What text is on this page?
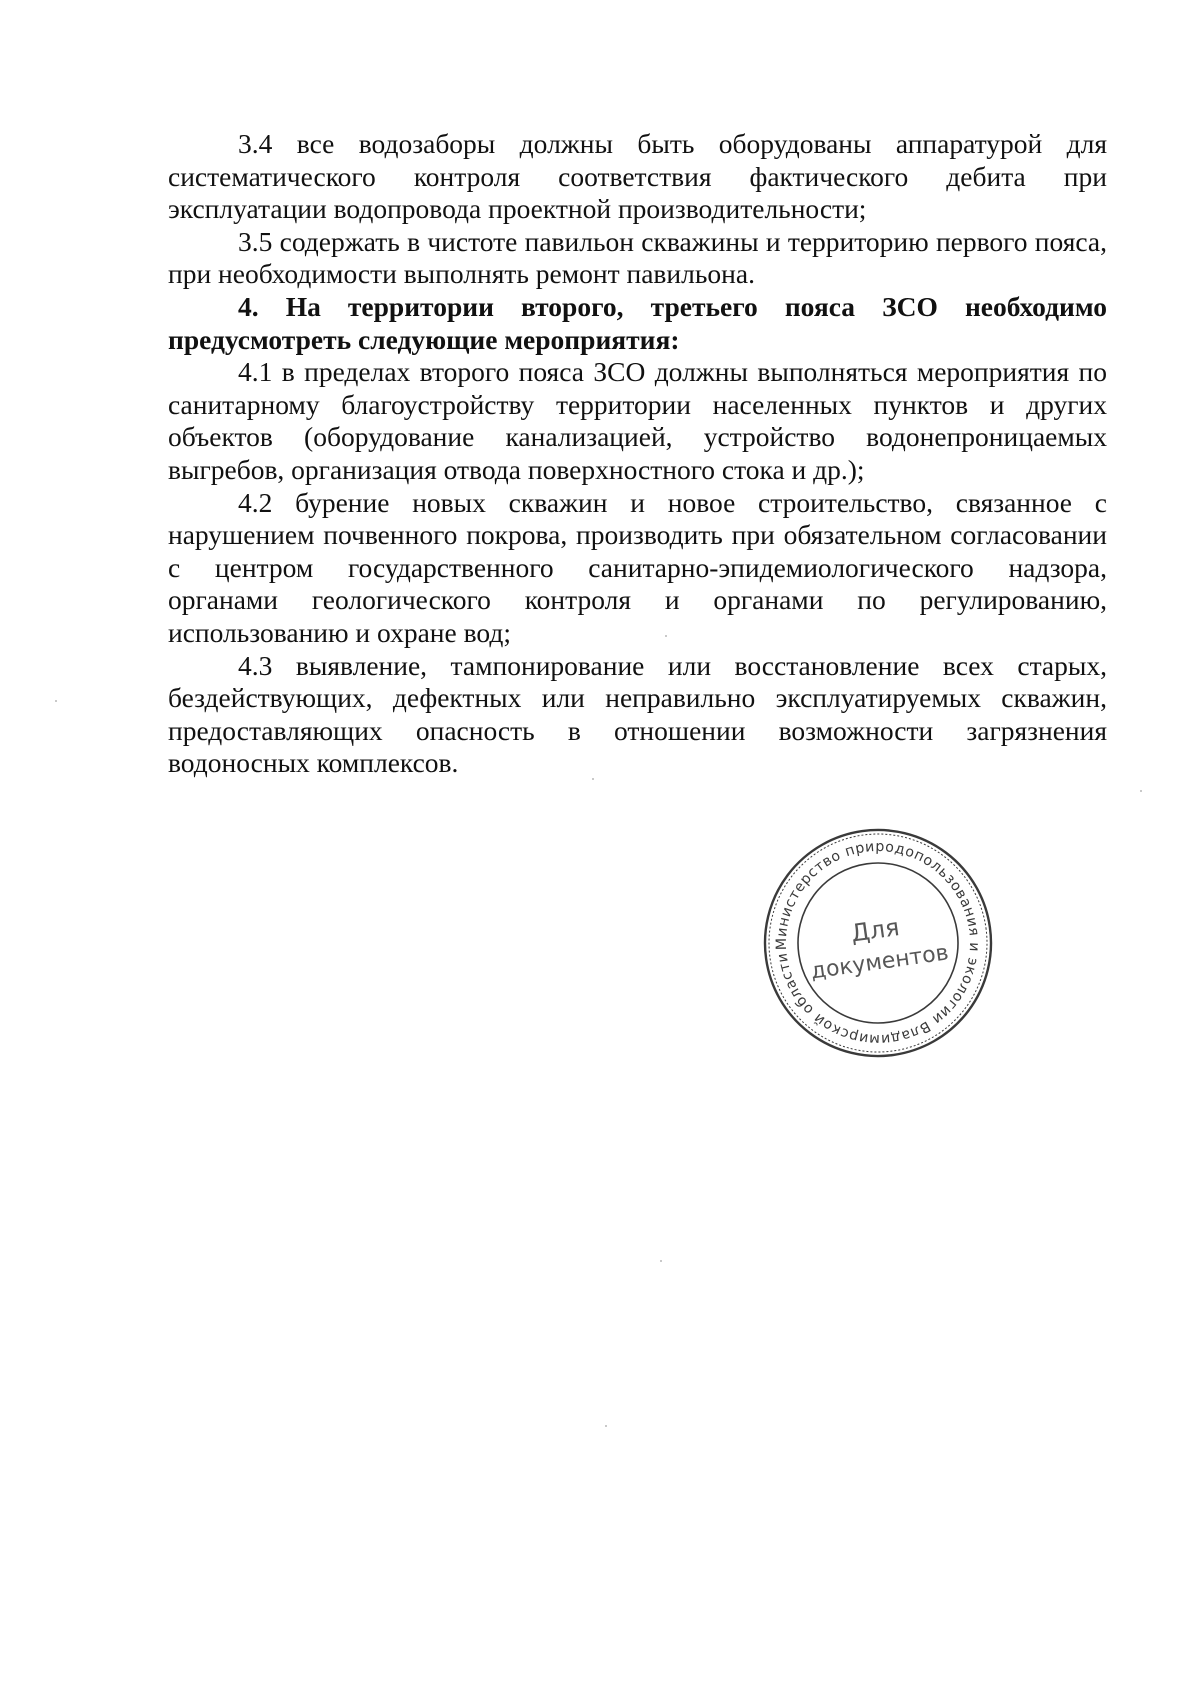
3.4 все водозаборы должны быть оборудованы аппаратурой для систематического контроля соответствия фактического дебита при эксплуатации водопровода проектной производительности;

3.5 содержать в чистоте павильон скважины и территорию первого пояса, при необходимости выполнять ремонт павильона.

4. На территории второго, третьего пояса ЗСО необходимо предусмотреть следующие мероприятия:

4.1 в пределах второго пояса ЗСО должны выполняться мероприятия по санитарному благоустройству территории населенных пунктов и других объектов (оборудование канализацией, устройство водонепроницаемых выгребов, организация отвода поверхностного стока и др.);

4.2 бурение новых скважин и новое строительство, связанное с нарушением почвенного покрова, производить при обязательном согласовании с центром государственного санитарно-эпидемиологического надзора, органами геологического контроля и органами по регулированию, использованию и охране вод;

4.3 выявление, тампонирование или восстановление всех старых, бездействующих, дефектных или неправильно эксплуатируемых скважин, предоставляющих опасность в отношении возможности загрязнения водоносных комплексов.

Министерство природопользования и экологии Владимирской области
Для
документов
